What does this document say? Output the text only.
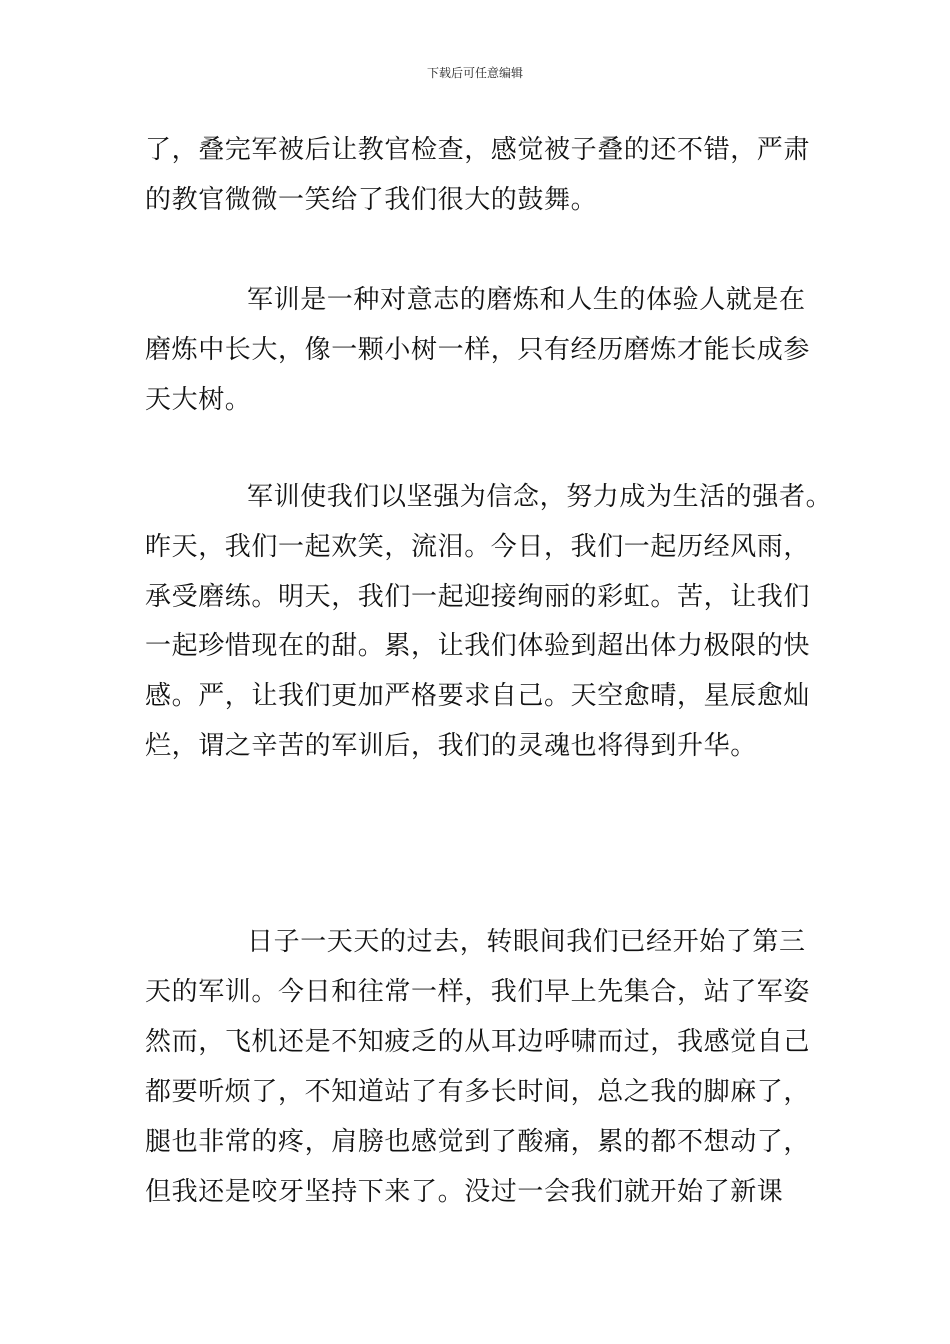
下载后可任意编辑
了，叠完军被后让教官检查，感觉被子叠的还不错，严肃
的教官微微一笑给了我们很大的鼓舞。
军训是一种对意志的磨炼和人生的体验人就是在
磨炼中长大，像一颗小树一样，只有经历磨炼才能长成参
天大树。
军训使我们以坚强为信念，努力成为生活的强者。
昨天，我们一起欢笑，流泪。今日，我们一起历经风雨，
承受磨练。明天，我们一起迎接绚丽的彩虹。苦，让我们
一起珍惜现在的甜。累，让我们体验到超出体力极限的快
感。严，让我们更加严格要求自己。天空愈晴，星辰愈灿
烂，谓之辛苦的军训后，我们的灵魂也将得到升华。
日子一天天的过去，转眼间我们已经开始了第三
天的军训。今日和往常一样，我们早上先集合，站了军姿
然而，飞机还是不知疲乏的从耳边呼啸而过，我感觉自己
都要听烦了，不知道站了有多长时间，总之我的脚麻了，
腿也非常的疼，肩膀也感觉到了酸痛，累的都不想动了，
但我还是咬牙坚持下来了。没过一会我们就开始了新课
